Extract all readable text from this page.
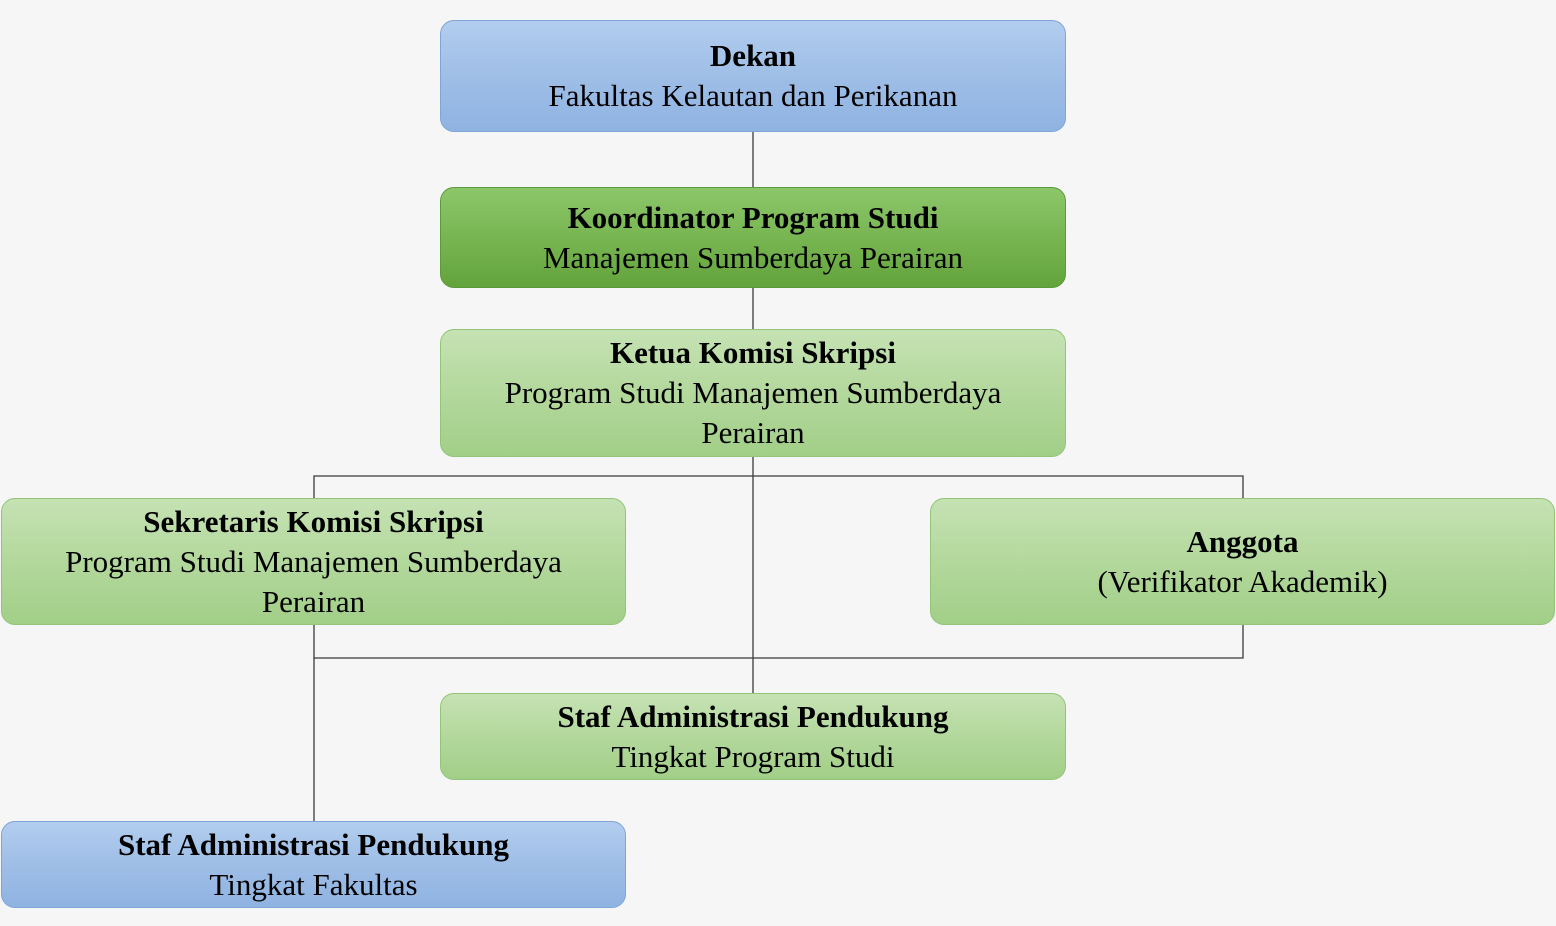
Dekan
Fakultas Kelautan dan Perikanan
Koordinator Program Studi
Manajemen Sumberdaya Perairan
Ketua Komisi Skripsi
Program Studi Manajemen Sumberdaya Perairan
Sekretaris Komisi Skripsi
Program Studi Manajemen Sumberdaya Perairan
Anggota
(Verifikator Akademik)
Staf Administrasi Pendukung
Tingkat Program Studi
Staf Administrasi Pendukung
Tingkat Fakultas
